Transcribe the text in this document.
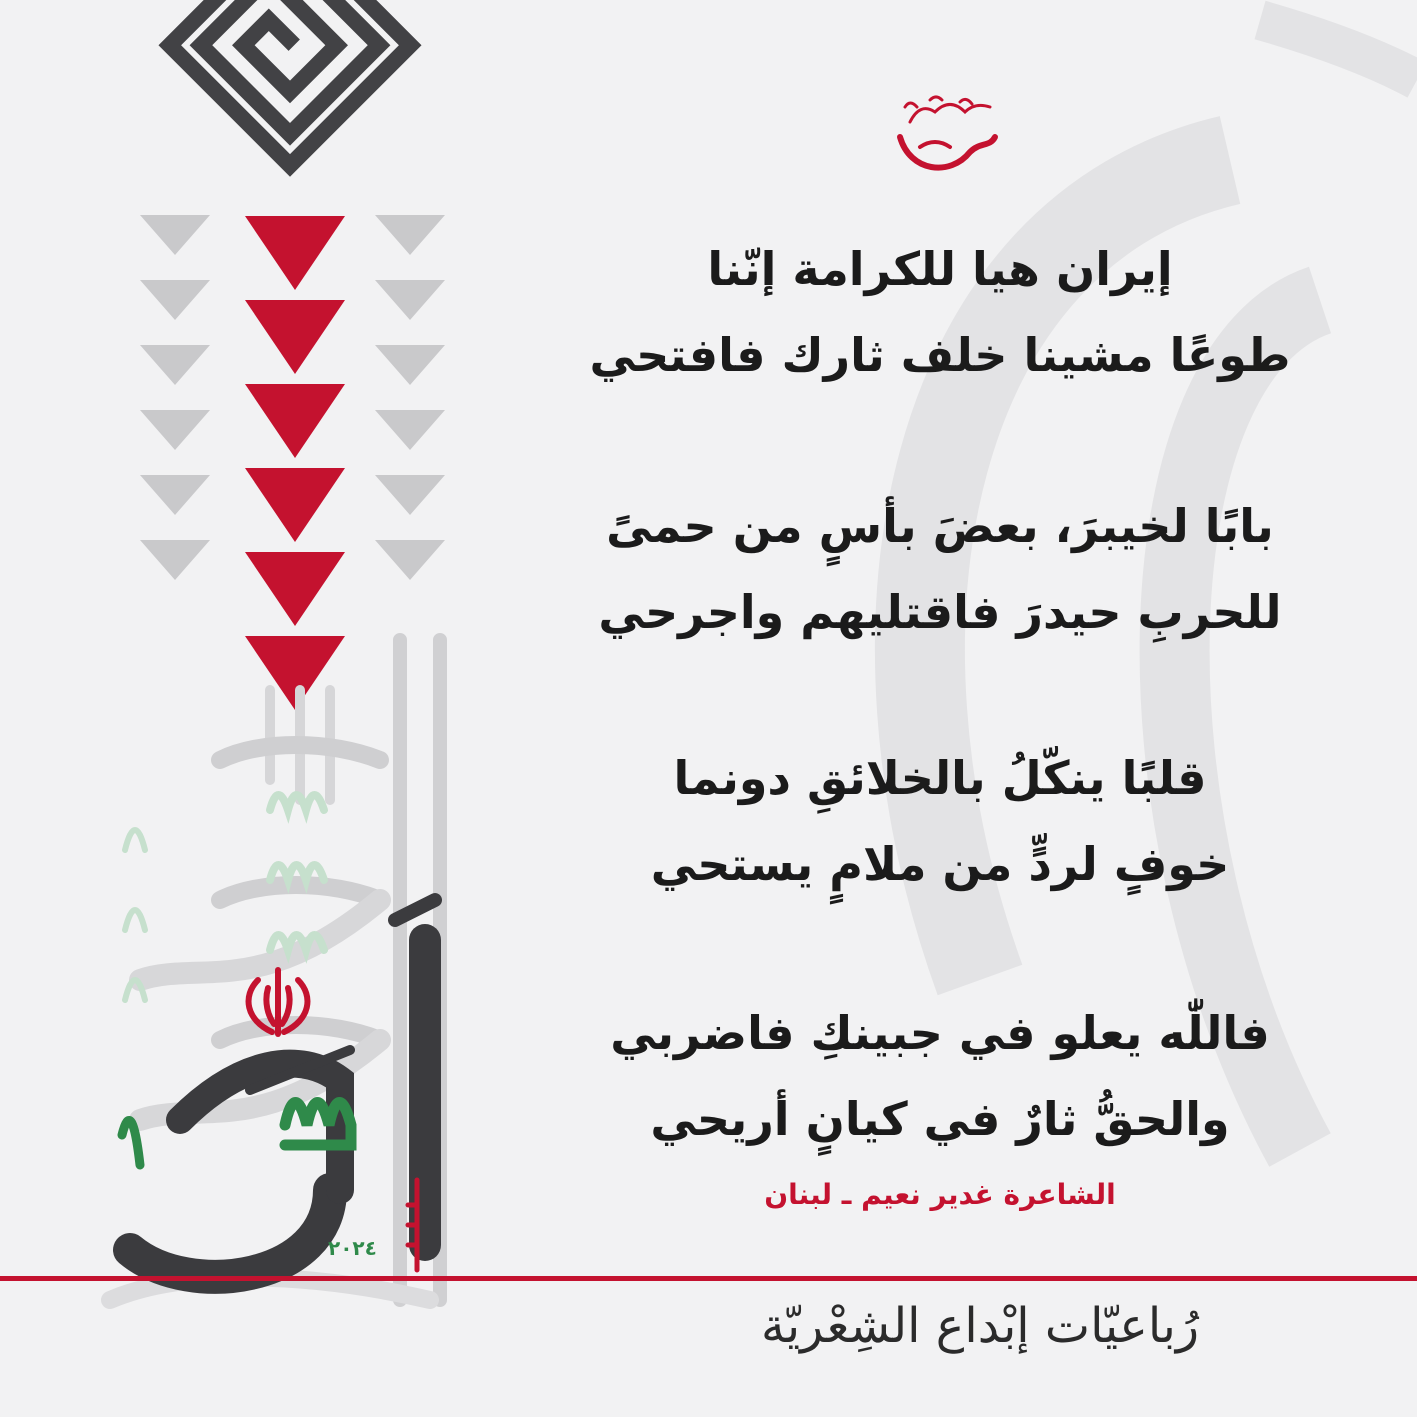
إيران هيا للكرامة إنّنا
طوعًا مشينا خلف ثارك فافتحي
بابًا لخيبرَ، بعضَ بأسٍ من حمىً
للحربِ حيدرَ فاقتليهم واجرحي
قلبًا ينكّلُ بالخلائقِ دونما
خوفٍ لردٍّ من ملامٍ يستحي
فاللّٰه يعلو في جبينكِ فاضربي
والحقُّ ثارٌ في كيانٍ أريحي
الشاعرة غدير نعيم ـ لبنان
رُباعيّات إبْداع الشِعْريّة
٢٠٢٤
